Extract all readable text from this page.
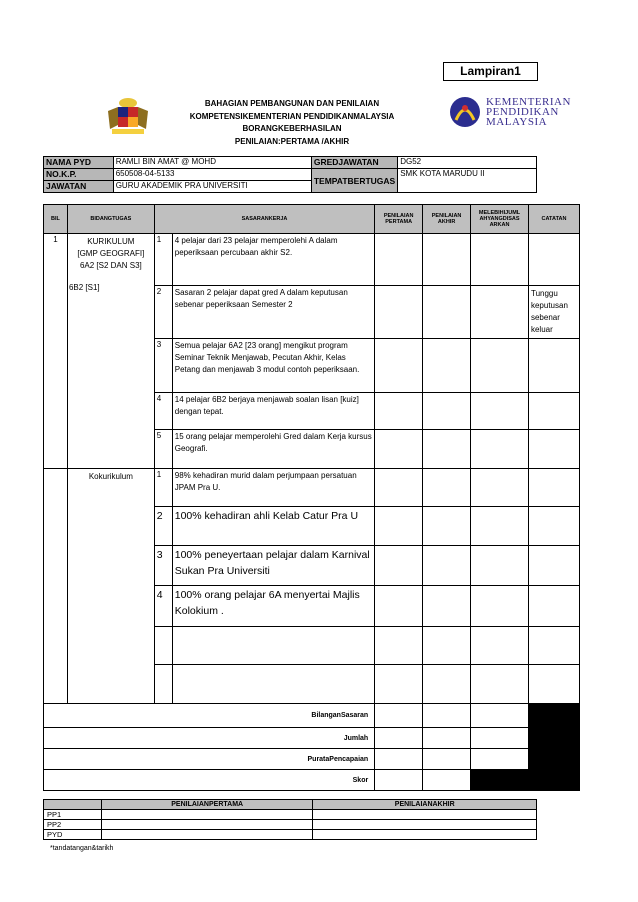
Lampiran1
BAHAGIAN PEMBANGUNAN DAN PENILAIAN
KOMPETENSIKEMENTERIAN PENDIDIKANMALAYSIA
BORANGKEBERHASILAN
PENILAIAN:PERTAMA /AKHIR
KEMENTERIAN
PENDIDIKAN
MALAYSIA
NAMA PYD	RAMLI BIN AMAT @ MOHD	GREDJAWATAN	DG52
NO.K.P.	650508-04-5133	TEMPATBERTUGAS	SMK KOTA MARUDU II
JAWATAN	GURU AKADEMIK PRA UNIVERSITI		
BIL	BIDANGTUGAS	SASARANKERJA		PENILAIAN PERTAMA	PENILAIAN AKHIR	MELEBIHIJUML AHYANGDISAS ARKAN	CATATAN
1	KURIKULUM
[GMP GEOGRAFI]
6A2 [S2 DAN S3]
6B2 [S1]	1	4 pelajar dari 23 pelajar memperolehi A dalam peperiksaan percubaan akhir S2.				
		2	Sasaran 2 pelajar dapat gred A dalam keputusan sebenar peperiksaan Semester 2				Tunggu keputusan sebenar keluar
		3	Semua pelajar 6A2 [23 orang] mengikut program Seminar Teknik Menjawab, Pecutan Akhir, Kelas Petang dan menjawab 3 modul contoh peperiksaan.				
		4	14 pelajar 6B2 berjaya menjawab soalan lisan [kuiz] dengan tepat.				
		5	15 orang pelajar memperolehi Gred dalam Kerja kursus Geografi.				
	Kokurikulum	1	98% kehadiran murid dalam perjumpaan persatuan JPAM Pra U.				
		2	100% kehadiran ahli Kelab Catur Pra U				
		3	100% peneyertaan pelajar dalam Karnival Sukan Pra Universiti				
		4	100% orang pelajar 6A menyertai Majlis Kolokium .				

BilanganSasaran							
Jumlah							
PurataPencapaian							
Skor							
	PENILAIANPERTAMA	PENILAIANAKHIR
PP1		
PP2		
PYD		
*tandatangan&tarikh
